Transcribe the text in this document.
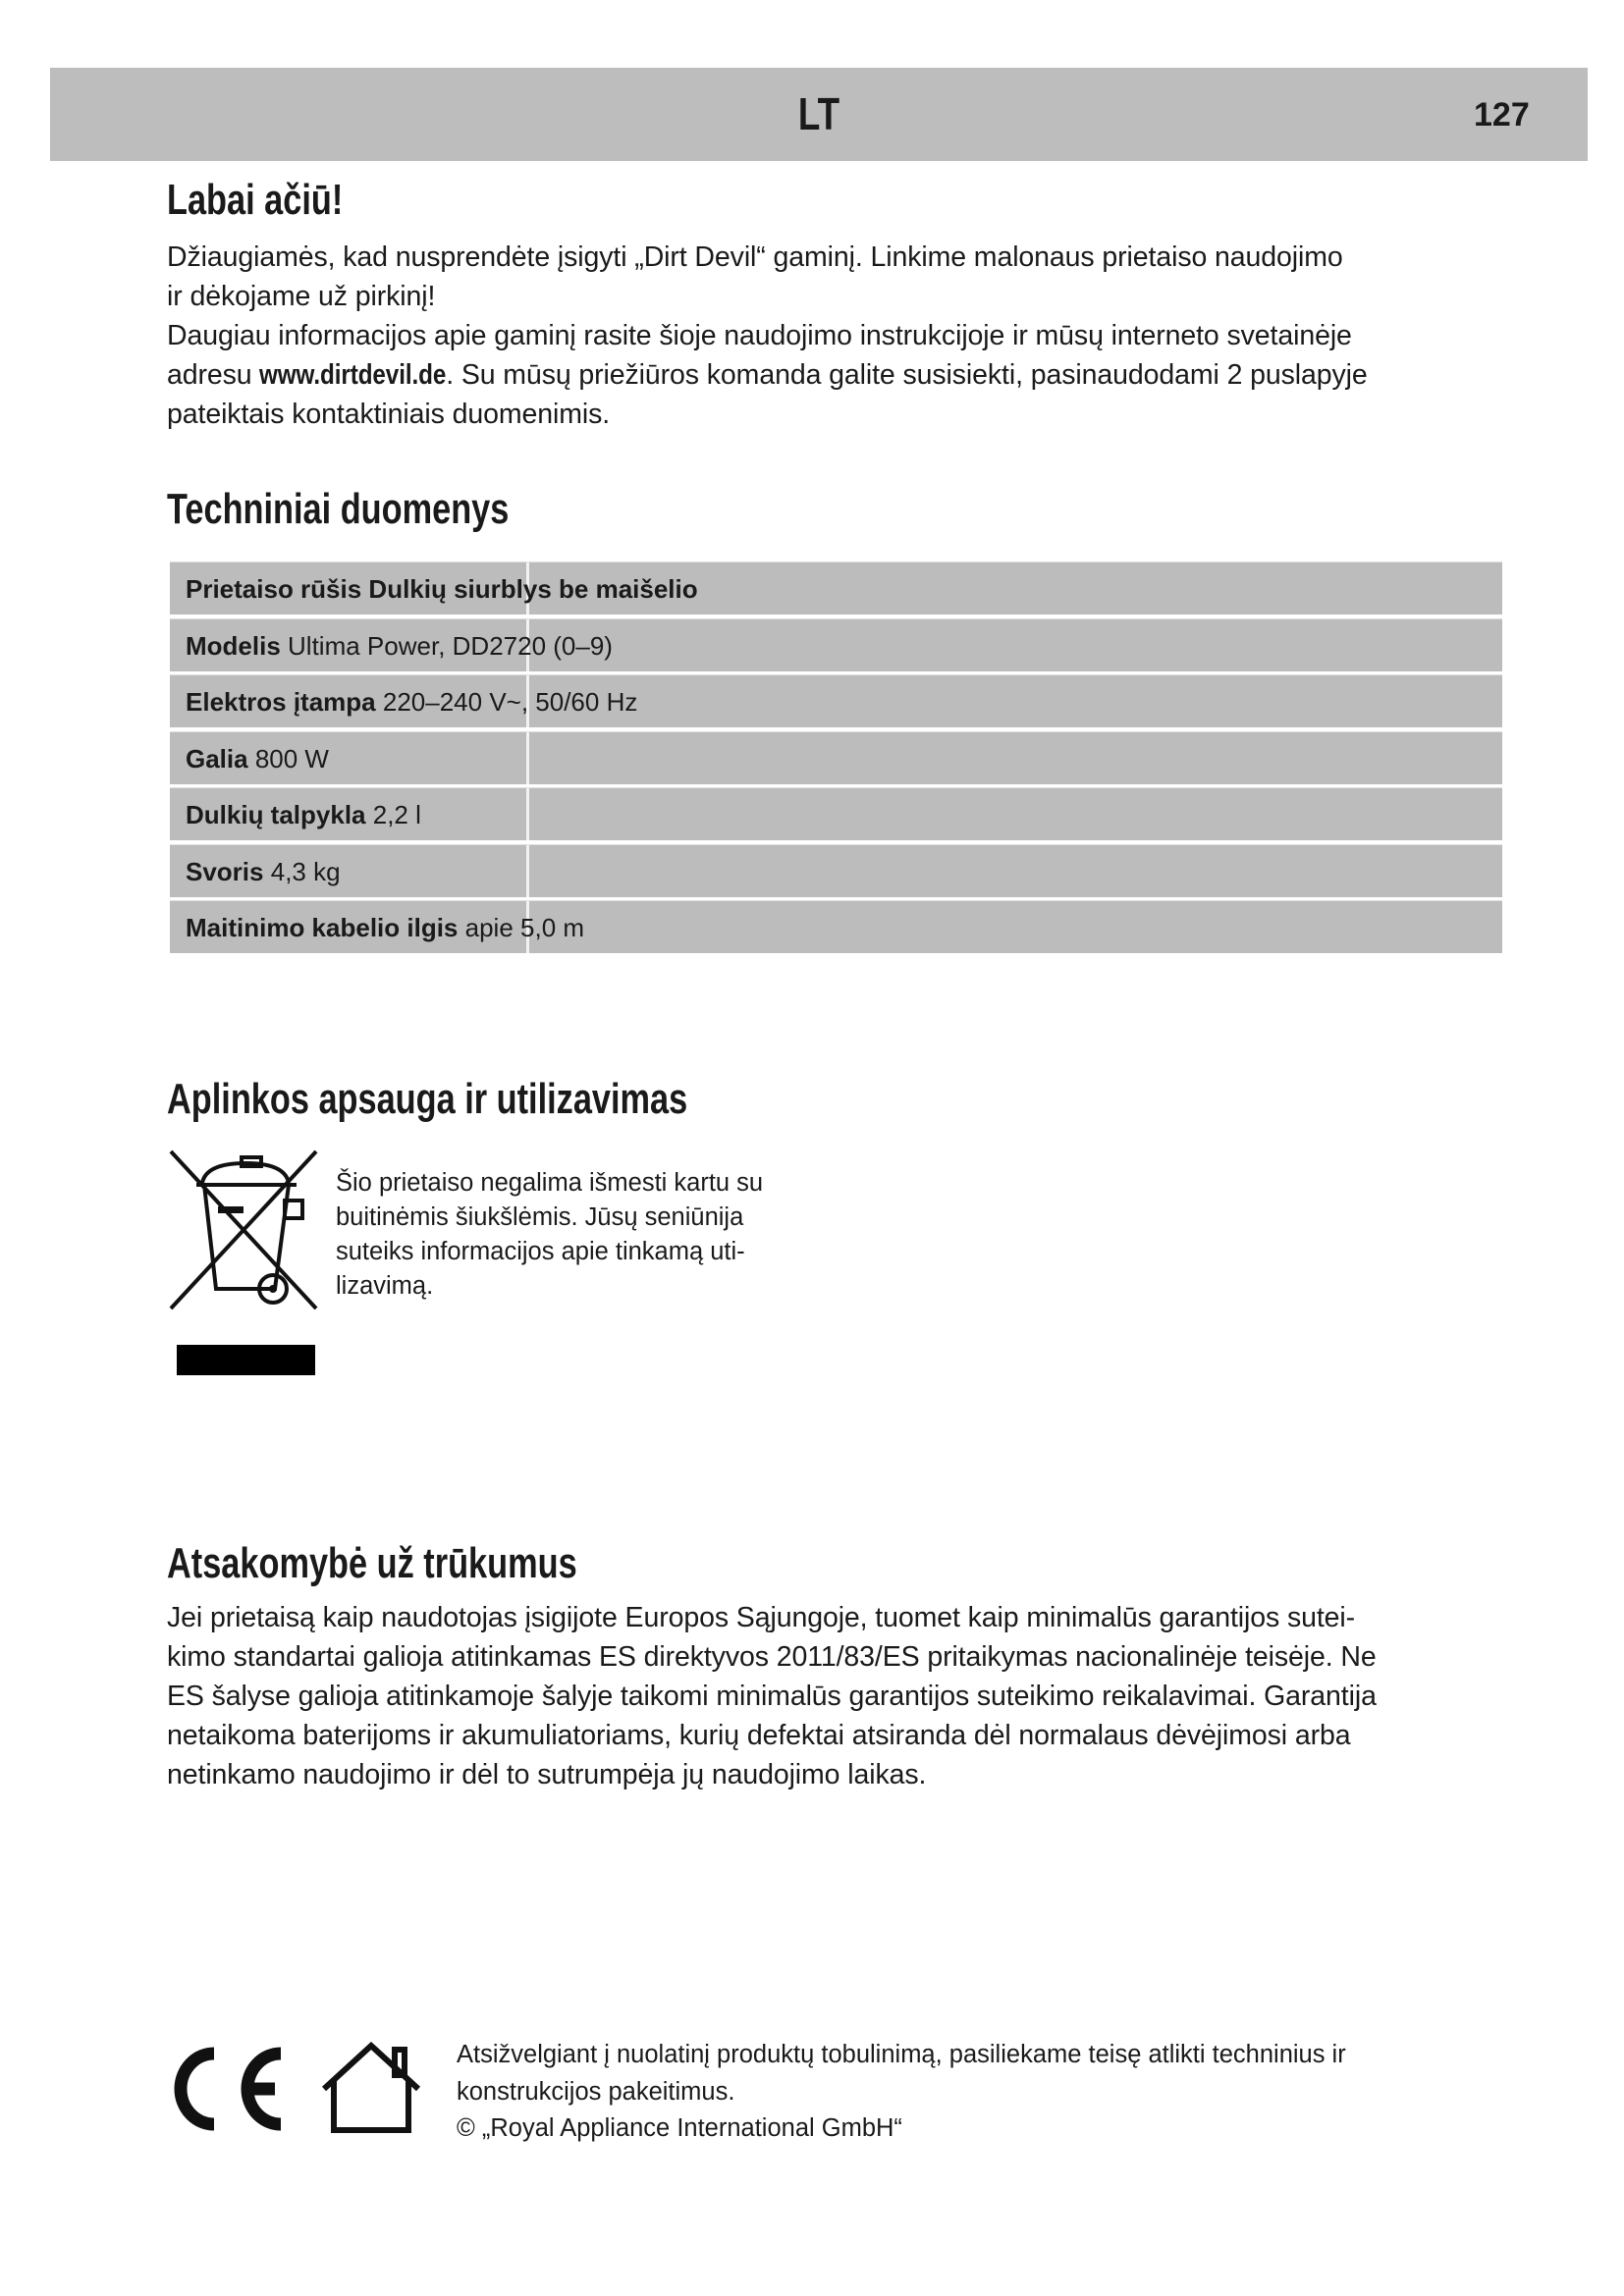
LT	127
Labai ačiū!
Džiaugiamės, kad nusprendėte įsigyti „Dirt Devil“ gaminį. Linkime malonaus prietaiso naudojimo
ir dėkojame už pirkinį!
Daugiau informacijos apie gaminį rasite šioje naudojimo instrukcijoje ir mūsų interneto svetainėje
adresu www.dirtdevil.de. Su mūsų priežiūros komanda galite susisiekti, pasinaudodami 2 puslapyje
pateiktais kontaktiniais duomenimis.
Techniniai duomenys
Prietaiso rūšis Dulkių siurblys be maišelio
Modelis Ultima Power, DD2720 (0–9)
Elektros įtampa 220–240 V~, 50/60 Hz
Galia 800 W
Dulkių talpykla 2,2 l
Svoris 4,3 kg
Maitinimo kabelio ilgis apie 5,0 m
Aplinkos apsauga ir utilizavimas
Šio prietaiso negalima išmesti kartu su
buitinėmis šiukšlėmis. Jūsų seniūnija
suteiks informacijos apie tinkamą uti-
lizavimą.
Atsakomybė už trūkumus
Jei prietaisą kaip naudotojas įsigijote Europos Sąjungoje, tuomet kaip minimalūs garantijos sutei-
kimo standartai galioja atitinkamas ES direktyvos 2011/83/ES pritaikymas nacionalinėje teisėje. Ne
ES šalyse galioja atitinkamoje šalyje taikomi minimalūs garantijos suteikimo reikalavimai. Garantija
netaikoma baterijoms ir akumuliatoriams, kurių defektai atsiranda dėl normalaus dėvėjimosi arba
netinkamo naudojimo ir dėl to sutrumpėja jų naudojimo laikas.
Atsižvelgiant į nuolatinį produktų tobulinimą, pasiliekame teisę atlikti techninius ir
konstrukcijos pakeitimus.
© „Royal Appliance International GmbH“
